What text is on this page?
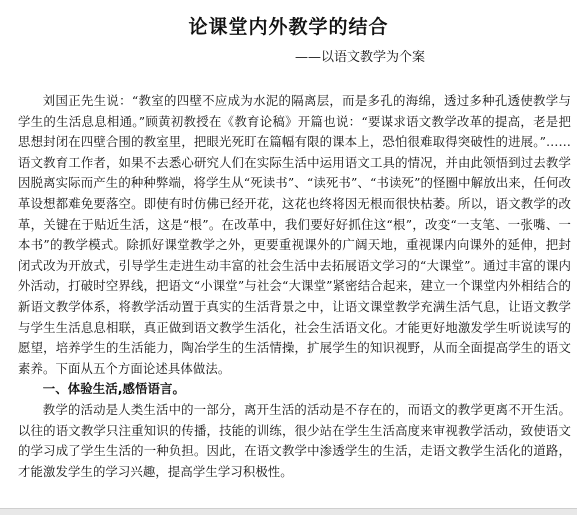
论课堂内外教学的结合
——以语文教学为个案

刘国正先生说：“教室的四壁不应成为水泥的隔离层，而是多孔的海绵，透过多种孔透使教学与学生的生活息息相通。”顾黄初教授在《教育论稿》开篇也说：“要谋求语文教学改革的提高，老是把思想封闭在四壁合围的教室里，把眼光死盯在篇幅有限的课本上，恐怕很难取得突破性的进展。”……语文教育工作者，如果不去悉心研究人们在实际生活中运用语文工具的情况，并由此领悟到过去教学因脱离实际而产生的种种弊端，将学生从“死读书”、“读死书”、“书读死”的怪圈中解放出来，任何改革设想都难免要落空。即使有时仿佛已经开花，这花也终将因无根而很快枯萎。所以，语文教学的改革，关键在于贴近生活，这是“根”。在改革中，我们要好好抓住这“根”，改变“一支笔、一张嘴、一本书”的教学模式。除抓好课堂教学之外，更要重视课外的广阔天地，重视课内向课外的延伸，把封闭式改为开放式，引导学生走进生动丰富的社会生活中去拓展语文学习的“大课堂”。通过丰富的课内外活动，打破时空界线，把语文“小课堂”与社会“大课堂”紧密结合起来，建立一个课堂内外相结合的新语文教学体系，将教学活动置于真实的生活背景之中，让语文课堂教学充满生活气息，让语文教学与学生生活息息相联，真正做到语文教学生活化，社会生活语文化。才能更好地激发学生听说读写的愿望，培养学生的生活能力，陶冶学生的生活情操，扩展学生的知识视野，从而全面提高学生的语文素养。下面从五个方面论述具体做法。

一、体验生活,感悟语言。

教学的活动是人类生活中的一部分，离开生活的活动是不存在的，而语文的教学更离不开生活。以往的语文教学只注重知识的传播，技能的训练，很少站在学生生活高度来审视教学活动，致使语文的学习成了学生生活的一种负担。因此，在语文教学中渗透学生的生活，走语文教学生活化的道路，才能激发学生的学习兴趣，提高学生学习积极性。
